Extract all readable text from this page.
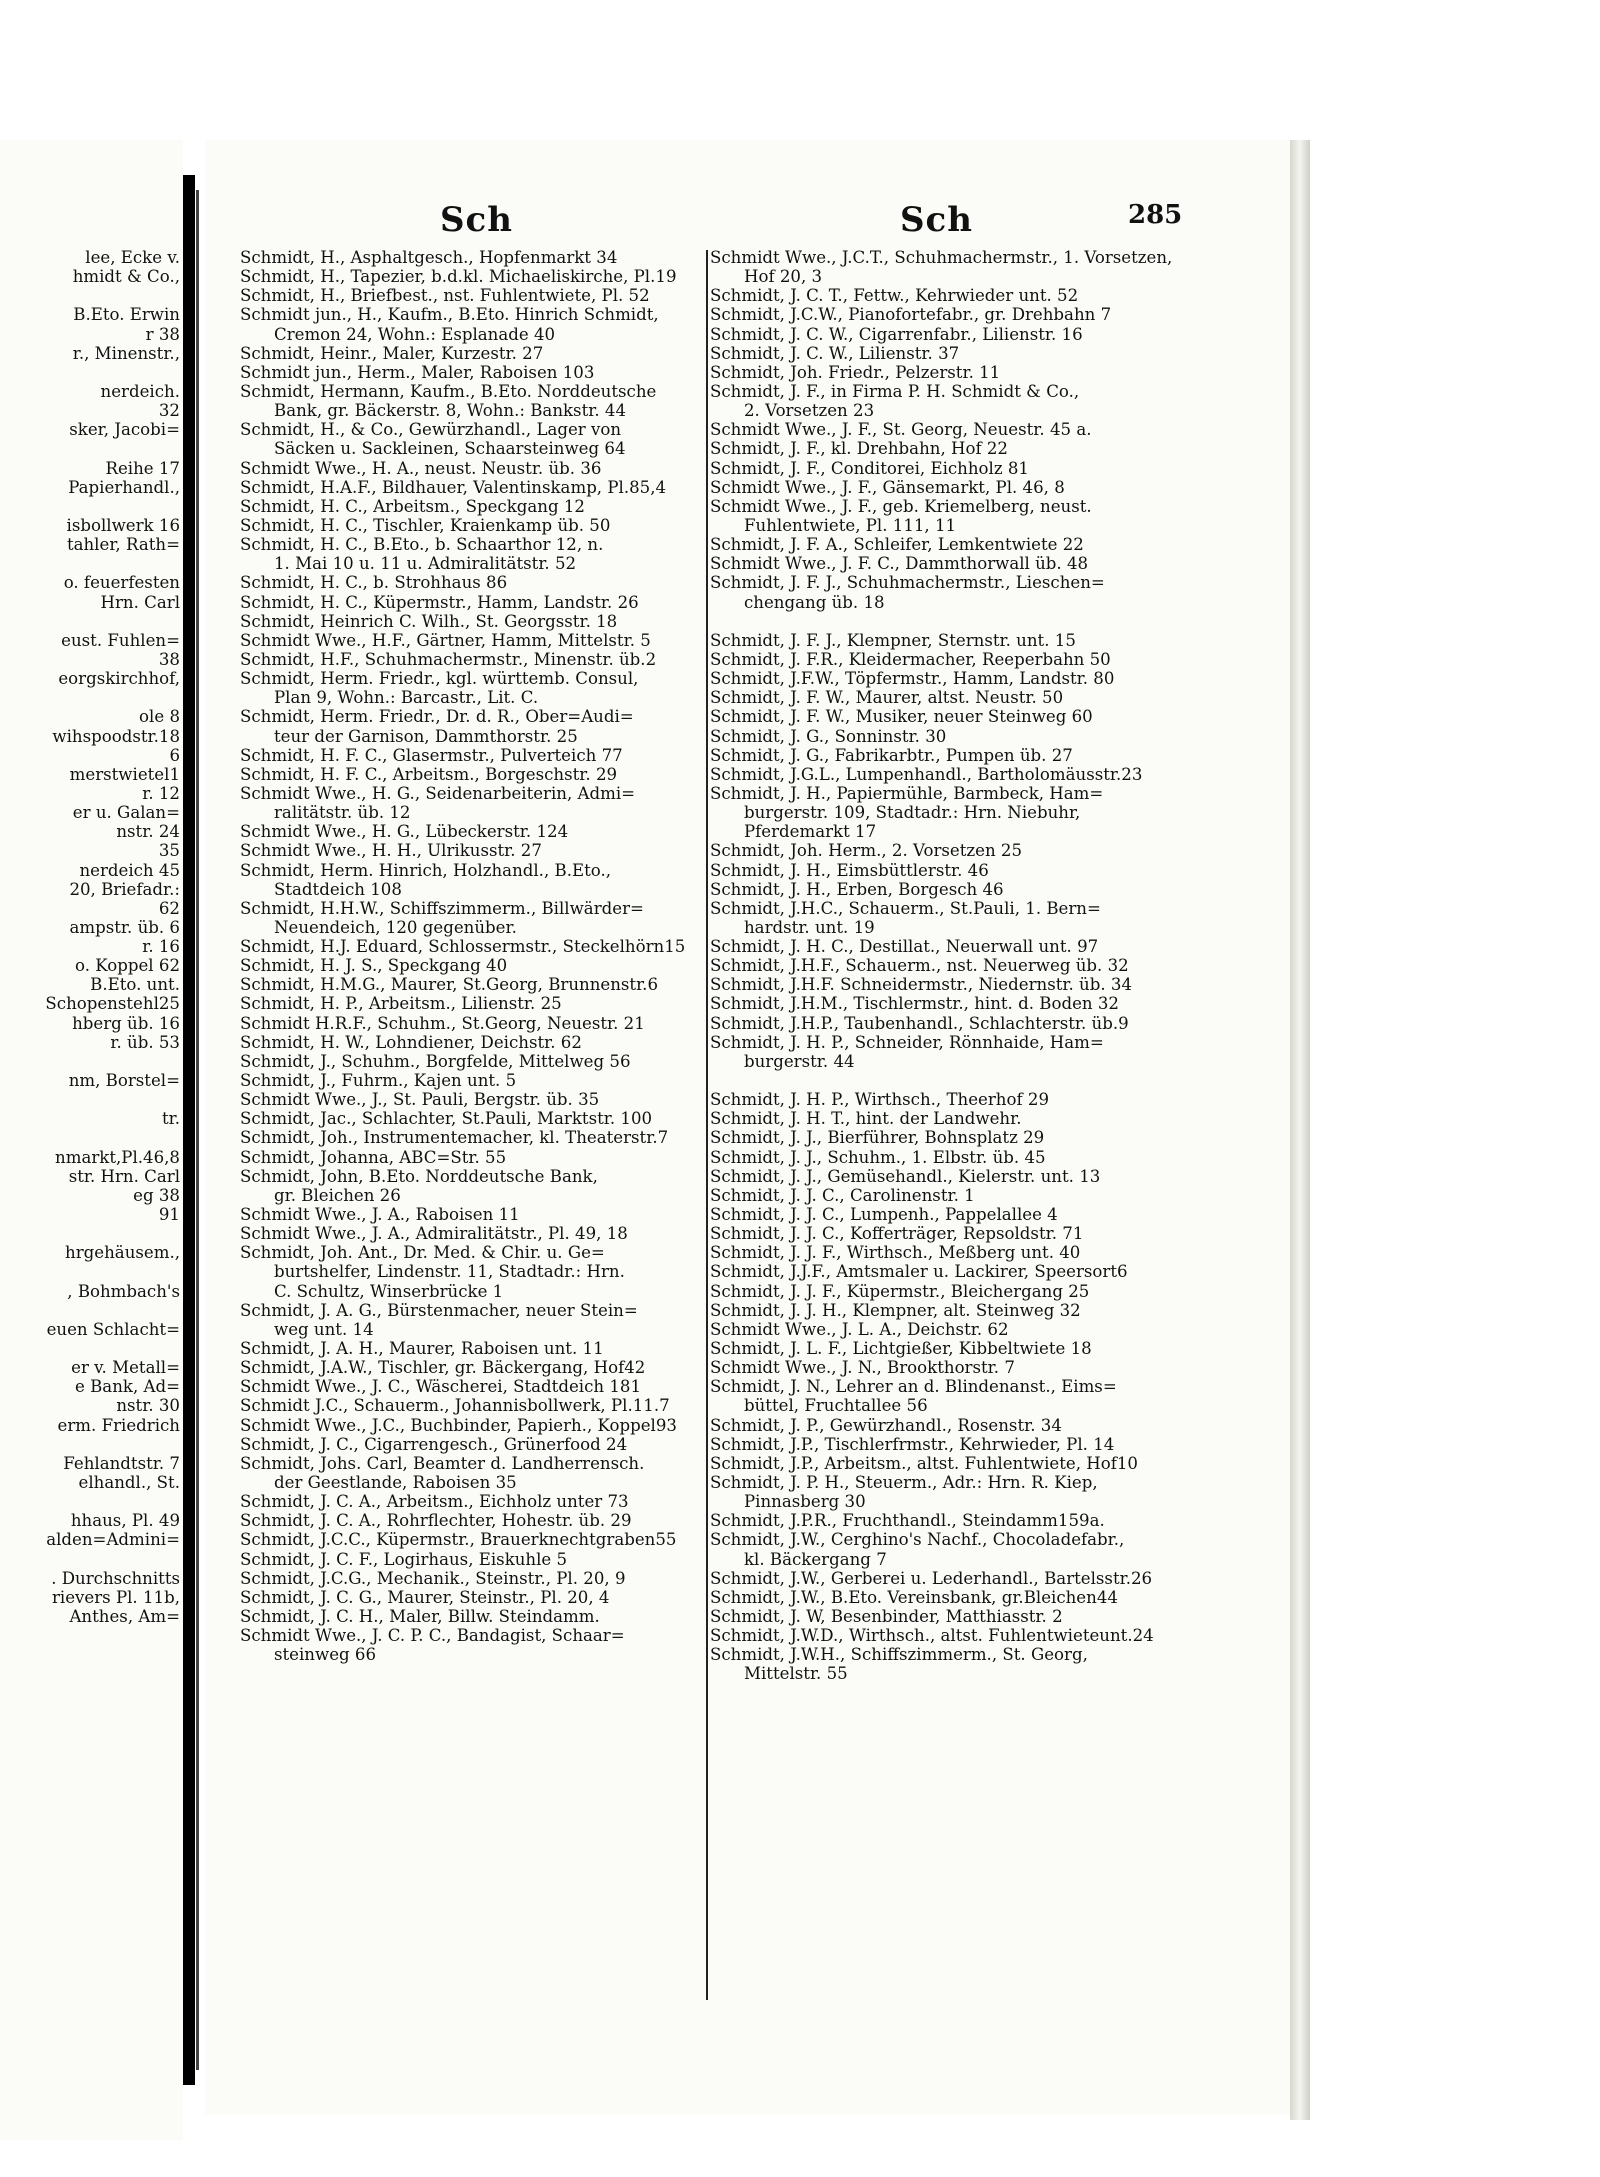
Sch	Sch	285
lee, Ecke v.
hmidt & Co.,
B.Eto. Erwin
r 38
r., Minenstr.,
nerdeich.
32
sker, Jacobi=
Reihe 17
Papierhandl.,
isbollwerk 16
tahler, Rath=
o. feuerfesten
Hrn. Carl
eust. Fuhlen=
38
eorgskirchhof,
ole 8
wihspoodstr.18
6
merstwietel1
r. 12
er u. Galan=
nstr. 24
35
nerdeich 45
20, Briefadr.:
62
ampstr. üb. 6
r. 16
o. Koppel 62
B.Eto. unt.
Schopenstehl25
hberg üb. 16
r. üb. 53
nm, Borstel=
tr.
nmarkt,Pl.46,8
str. Hrn. Carl
eg 38
91
hrgehäusem.,
, Bohmbach's
euen Schlacht=
er v. Metall=
e Bank, Ad=
nstr. 30
erm. Friedrich
Fehlandtstr. 7
elhandl., St.
hhaus, Pl. 49
alden=Admini=
. Durchschnitts
rievers Pl. 11b,
Anthes, Am=
Schmidt, H., Asphaltgesch., Hopfenmarkt 34
Schmidt, H., Tapezier, b.d.kl. Michaeliskirche, Pl.19
Schmidt, H., Briefbest., nst. Fuhlentwiete, Pl. 52
Schmidt jun., H., Kaufm., B.Eto. Hinrich Schmidt,
Cremon 24, Wohn.: Esplanade 40
Schmidt, Heinr., Maler, Kurzestr. 27
Schmidt jun., Herm., Maler, Raboisen 103
Schmidt, Hermann, Kaufm., B.Eto. Norddeutsche
Bank, gr. Bäckerstr. 8, Wohn.: Bankstr. 44
Schmidt, H., & Co., Gewürzhandl., Lager von
Säcken u. Sackleinen, Schaarsteinweg 64
Schmidt Wwe., H. A., neust. Neustr. üb. 36
Schmidt, H.A.F., Bildhauer, Valentinskamp, Pl.85,4
Schmidt, H. C., Arbeitsm., Speckgang 12
Schmidt, H. C., Tischler, Kraienkamp üb. 50
Schmidt, H. C., B.Eto., b. Schaarthor 12, n.
1. Mai 10 u. 11 u. Admiralitätstr. 52
Schmidt, H. C., b. Strohhaus 86
Schmidt, H. C., Küpermstr., Hamm, Landstr. 26
Schmidt, Heinrich C. Wilh., St. Georgsstr. 18
Schmidt Wwe., H.F., Gärtner, Hamm, Mittelstr. 5
Schmidt, H.F., Schuhmachermstr., Minenstr. üb.2
Schmidt, Herm. Friedr., kgl. württemb. Consul,
Plan 9, Wohn.: Barcastr., Lit. C.
Schmidt, Herm. Friedr., Dr. d. R., Ober=Audi=
teur der Garnison, Dammthorstr. 25
Schmidt, H. F. C., Glasermstr., Pulverteich 77
Schmidt, H. F. C., Arbeitsm., Borgeschstr. 29
Schmidt Wwe., H. G., Seidenarbeiterin, Admi=
ralitätstr. üb. 12
Schmidt Wwe., H. G., Lübeckerstr. 124
Schmidt Wwe., H. H., Ulrikusstr. 27
Schmidt, Herm. Hinrich, Holzhandl., B.Eto.,
Stadtdeich 108
Schmidt, H.H.W., Schiffszimmerm., Billwärder=
Neuendeich, 120 gegenüber.
Schmidt, H.J. Eduard, Schlossermstr., Steckelhörn15
Schmidt, H. J. S., Speckgang 40
Schmidt, H.M.G., Maurer, St.Georg, Brunnenstr.6
Schmidt, H. P., Arbeitsm., Lilienstr. 25
Schmidt H.R.F., Schuhm., St.Georg, Neuestr. 21
Schmidt, H. W., Lohndiener, Deichstr. 62
Schmidt, J., Schuhm., Borgfelde, Mittelweg 56
Schmidt, J., Fuhrm., Kajen unt. 5
Schmidt Wwe., J., St. Pauli, Bergstr. üb. 35
Schmidt, Jac., Schlachter, St.Pauli, Marktstr. 100
Schmidt, Joh., Instrumentemacher, kl. Theaterstr.7
Schmidt, Johanna, ABC=Str. 55
Schmidt, John, B.Eto. Norddeutsche Bank,
gr. Bleichen 26
Schmidt Wwe., J. A., Raboisen 11
Schmidt Wwe., J. A., Admiralitätstr., Pl. 49, 18
Schmidt, Joh. Ant., Dr. Med. & Chir. u. Ge=
burtshelfer, Lindenstr. 11, Stadtadr.: Hrn.
C. Schultz, Winserbrücke 1
Schmidt, J. A. G., Bürstenmacher, neuer Stein=
weg unt. 14
Schmidt, J. A. H., Maurer, Raboisen unt. 11
Schmidt, J.A.W., Tischler, gr. Bäckergang, Hof42
Schmidt Wwe., J. C., Wäscherei, Stadtdeich 181
Schmidt J.C., Schauerm., Johannisbollwerk, Pl.11.7
Schmidt Wwe., J.C., Buchbinder, Papierh., Koppel93
Schmidt, J. C., Cigarrengesch., Grünerfood 24
Schmidt, Johs. Carl, Beamter d. Landherrensch.
der Geestlande, Raboisen 35
Schmidt, J. C. A., Arbeitsm., Eichholz unter 73
Schmidt, J. C. A., Rohrflechter, Hohestr. üb. 29
Schmidt, J.C.C., Küpermstr., Brauerknechtgraben55
Schmidt, J. C. F., Logirhaus, Eiskuhle 5
Schmidt, J.C.G., Mechanik., Steinstr., Pl. 20, 9
Schmidt, J. C. G., Maurer, Steinstr., Pl. 20, 4
Schmidt, J. C. H., Maler, Billw. Steindamm.
Schmidt Wwe., J. C. P. C., Bandagist, Schaar=
steinweg 66
Schmidt Wwe., J.C.T., Schuhmachermstr., 1. Vorsetzen,
Hof 20, 3
Schmidt, J. C. T., Fettw., Kehrwieder unt. 52
Schmidt, J.C.W., Pianofortefabr., gr. Drehbahn 7
Schmidt, J. C. W., Cigarrenfabr., Lilienstr. 16
Schmidt, J. C. W., Lilienstr. 37
Schmidt, Joh. Friedr., Pelzerstr. 11
Schmidt, J. F., in Firma P. H. Schmidt & Co.,
2. Vorsetzen 23
Schmidt Wwe., J. F., St. Georg, Neuestr. 45 a.
Schmidt, J. F., kl. Drehbahn, Hof 22
Schmidt, J. F., Conditorei, Eichholz 81
Schmidt Wwe., J. F., Gänsemarkt, Pl. 46, 8
Schmidt Wwe., J. F., geb. Kriemelberg, neust.
Fuhlentwiete, Pl. 111, 11
Schmidt, J. F. A., Schleifer, Lemkentwiete 22
Schmidt Wwe., J. F. C., Dammthorwall üb. 48
Schmidt, J. F. J., Schuhmachermstr., Lieschen=
chengang üb. 18
Schmidt, J. F. J., Klempner, Sternstr. unt. 15
Schmidt, J. F.R., Kleidermacher, Reeperbahn 50
Schmidt, J.F.W., Töpfermstr., Hamm, Landstr. 80
Schmidt, J. F. W., Maurer, altst. Neustr. 50
Schmidt, J. F. W., Musiker, neuer Steinweg 60
Schmidt, J. G., Sonninstr. 30
Schmidt, J. G., Fabrikarbtr., Pumpen üb. 27
Schmidt, J.G.L., Lumpenhandl., Bartholomäusstr.23
Schmidt, J. H., Papiermühle, Barmbeck, Ham=
burgerstr. 109, Stadtadr.: Hrn. Niebuhr,
Pferdemarkt 17
Schmidt, Joh. Herm., 2. Vorsetzen 25
Schmidt, J. H., Eimsbüttlerstr. 46
Schmidt, J. H., Erben, Borgesch 46
Schmidt, J.H.C., Schauerm., St.Pauli, 1. Bern=
hardstr. unt. 19
Schmidt, J. H. C., Destillat., Neuerwall unt. 97
Schmidt, J.H.F., Schauerm., nst. Neuerweg üb. 32
Schmidt, J.H.F. Schneidermstr., Niedernstr. üb. 34
Schmidt, J.H.M., Tischlermstr., hint. d. Boden 32
Schmidt, J.H.P., Taubenhandl., Schlachterstr. üb.9
Schmidt, J. H. P., Schneider, Rönnhaide, Ham=
burgerstr. 44
Schmidt, J. H. P., Wirthsch., Theerhof 29
Schmidt, J. H. T., hint. der Landwehr.
Schmidt, J. J., Bierführer, Bohnsplatz 29
Schmidt, J. J., Schuhm., 1. Elbstr. üb. 45
Schmidt, J. J., Gemüsehandl., Kielerstr. unt. 13
Schmidt, J. J. C., Carolinenstr. 1
Schmidt, J. J. C., Lumpenh., Pappelallee 4
Schmidt, J. J. C., Kofferträger, Repsoldstr. 71
Schmidt, J. J. F., Wirthsch., Meßberg unt. 40
Schmidt, J.J.F., Amtsmaler u. Lackirer, Speersort6
Schmidt, J. J. F., Küpermstr., Bleichergang 25
Schmidt, J. J. H., Klempner, alt. Steinweg 32
Schmidt Wwe., J. L. A., Deichstr. 62
Schmidt, J. L. F., Lichtgießer, Kibbeltwiete 18
Schmidt Wwe., J. N., Brookthorstr. 7
Schmidt, J. N., Lehrer an d. Blindenanst., Eims=
büttel, Fruchtallee 56
Schmidt, J. P., Gewürzhandl., Rosenstr. 34
Schmidt, J.P., Tischlerfrmstr., Kehrwieder, Pl. 14
Schmidt, J.P., Arbeitsm., altst. Fuhlentwiete, Hof10
Schmidt, J. P. H., Steuerm., Adr.: Hrn. R. Kiep,
Pinnasberg 30
Schmidt, J.P.R., Fruchthandl., Steindamm159a.
Schmidt, J.W., Cerghino's Nachf., Chocoladefabr.,
kl. Bäckergang 7
Schmidt, J.W., Gerberei u. Lederhandl., Bartelsstr.26
Schmidt, J.W., B.Eto. Vereinsbank, gr.Bleichen44
Schmidt, J. W, Besenbinder, Matthiasstr. 2
Schmidt, J.W.D., Wirthsch., altst. Fuhlentwieteunt.24
Schmidt, J.W.H., Schiffszimmerm., St. Georg,
Mittelstr. 55
